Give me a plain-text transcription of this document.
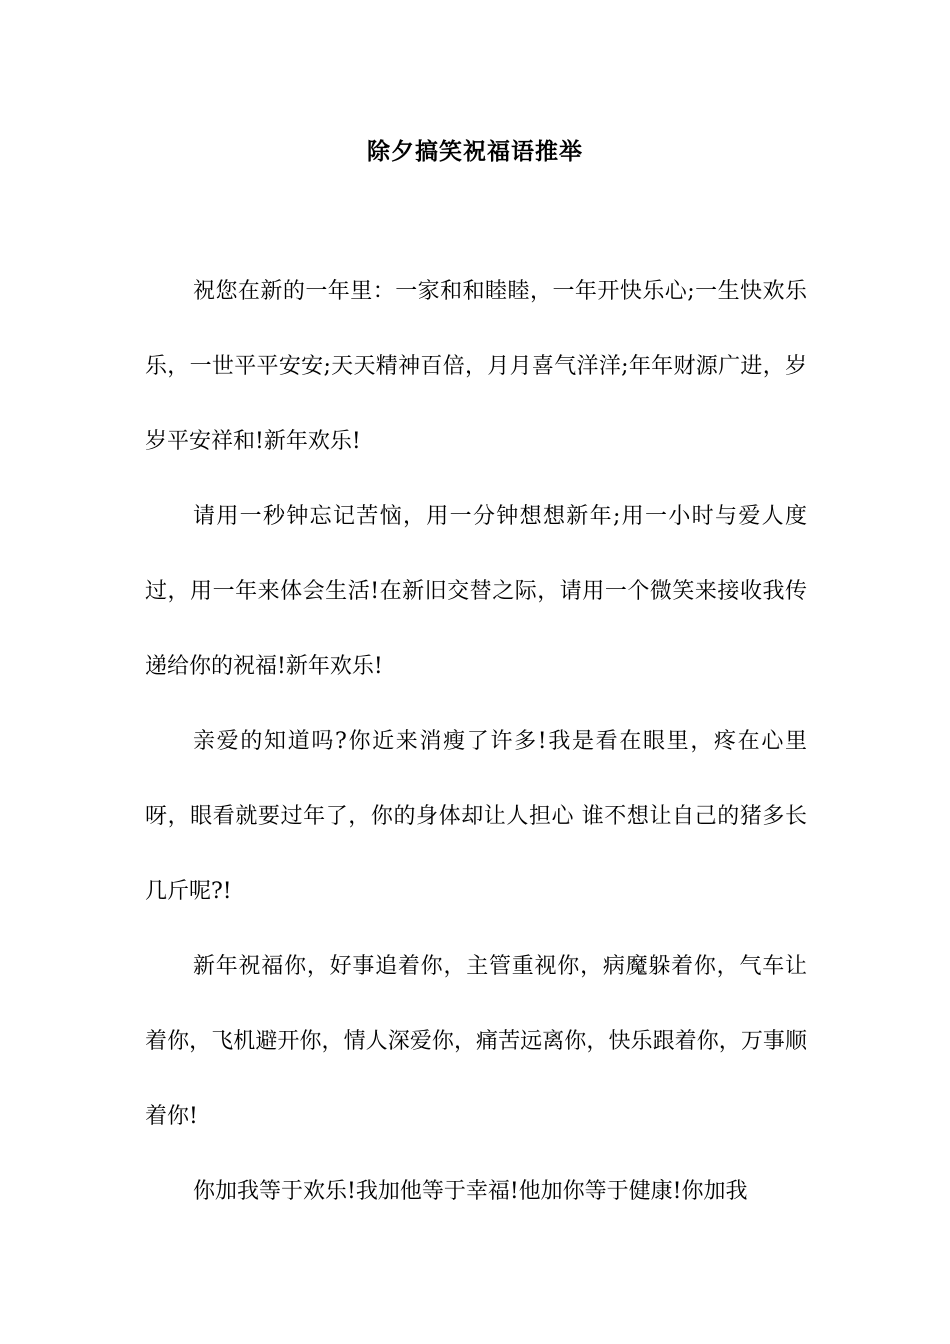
除夕搞笑祝福语推举

祝您在新的一年里：一家和和睦睦，一年开快乐心;一生快欢乐乐，一世平平安安;天天精神百倍，月月喜气洋洋;年年财源广进，岁岁平安祥和!新年欢乐!

请用一秒钟忘记苦恼，用一分钟想想新年;用一小时与爱人度过，用一年来体会生活!在新旧交替之际，请用一个微笑来接收我传递给你的祝福!新年欢乐!

亲爱的知道吗?你近来消瘦了许多!我是看在眼里，疼在心里呀，眼看就要过年了，你的身体却让人担心 谁不想让自己的猪多长几斤呢?!

新年祝福你，好事追着你，主管重视你，病魔躲着你，气车让着你，飞机避开你，情人深爱你，痛苦远离你，快乐跟着你，万事顺着你!

你加我等于欢乐!我加他等于幸福!他加你等于健康!你加我
